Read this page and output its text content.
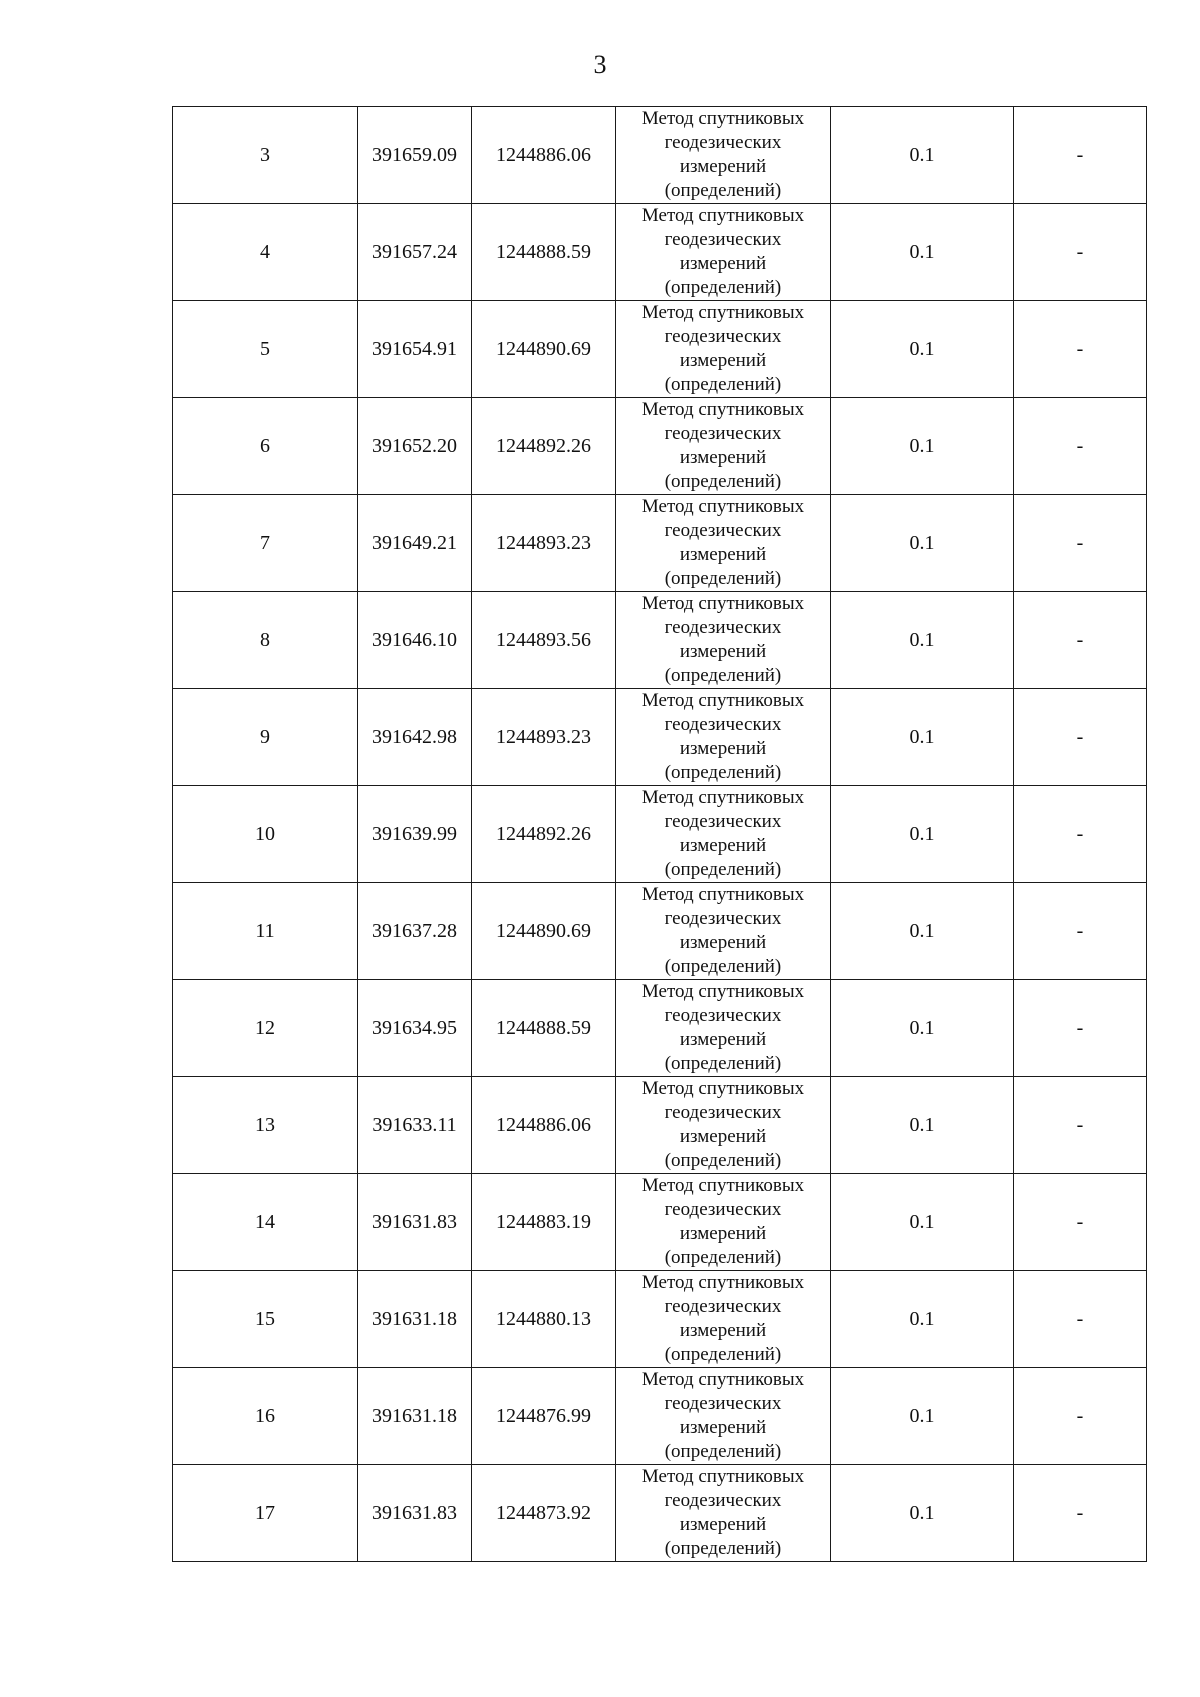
3
3	391659.09	1244886.06	Метод спутниковых
геодезических
измерений
(определений)	0.1	-
4	391657.24	1244888.59	Метод спутниковых
геодезических
измерений
(определений)	0.1	-
5	391654.91	1244890.69	Метод спутниковых
геодезических
измерений
(определений)	0.1	-
6	391652.20	1244892.26	Метод спутниковых
геодезических
измерений
(определений)	0.1	-
7	391649.21	1244893.23	Метод спутниковых
геодезических
измерений
(определений)	0.1	-
8	391646.10	1244893.56	Метод спутниковых
геодезических
измерений
(определений)	0.1	-
9	391642.98	1244893.23	Метод спутниковых
геодезических
измерений
(определений)	0.1	-
10	391639.99	1244892.26	Метод спутниковых
геодезических
измерений
(определений)	0.1	-
11	391637.28	1244890.69	Метод спутниковых
геодезических
измерений
(определений)	0.1	-
12	391634.95	1244888.59	Метод спутниковых
геодезических
измерений
(определений)	0.1	-
13	391633.11	1244886.06	Метод спутниковых
геодезических
измерений
(определений)	0.1	-
14	391631.83	1244883.19	Метод спутниковых
геодезических
измерений
(определений)	0.1	-
15	391631.18	1244880.13	Метод спутниковых
геодезических
измерений
(определений)	0.1	-
16	391631.18	1244876.99	Метод спутниковых
геодезических
измерений
(определений)	0.1	-
17	391631.83	1244873.92	Метод спутниковых
геодезических
измерений
(определений)	0.1	-
